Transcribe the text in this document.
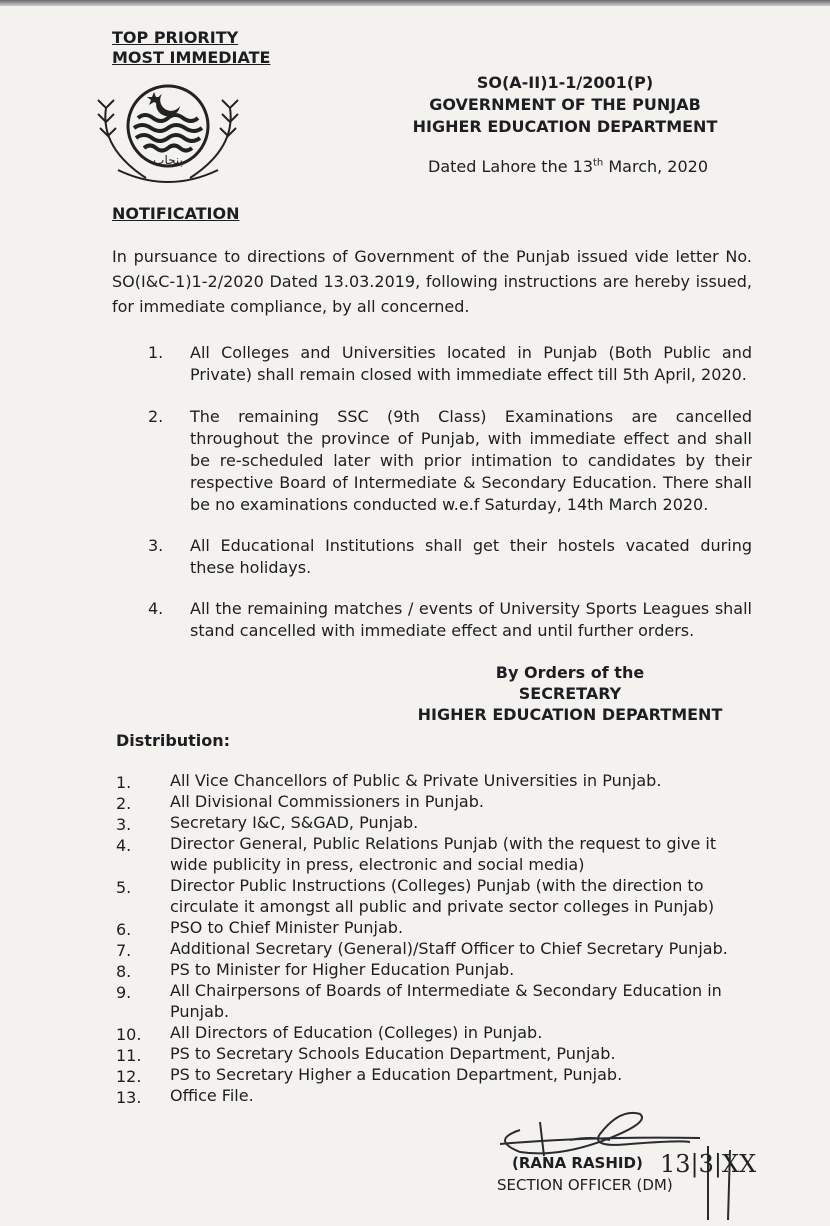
TOP PRIORITY
MOST IMMEDIATE
پنجاب
SO(A-II)1-1/2001(P)
GOVERNMENT OF THE PUNJAB
HIGHER EDUCATION DEPARTMENT
Dated Lahore the 13th March, 2020
NOTIFICATION
In pursuance to directions of Government of the Punjab issued vide letter No. SO(I&C-1)1-2/2020 Dated 13.03.2019, following instructions are hereby issued, for immediate compliance, by all concerned.
1. All Colleges and Universities located in Punjab (Both Public and Private) shall remain closed with immediate effect till 5th April, 2020.
2. The remaining SSC (9th Class) Examinations are cancelled throughout the province of Punjab, with immediate effect and shall be re-scheduled later with prior intimation to candidates by their respective Board of Intermediate & Secondary Education. There shall be no examinations conducted w.e.f Saturday, 14th March 2020.
3. All Educational Institutions shall get their hostels vacated during these holidays.
4. All the remaining matches / events of University Sports Leagues shall stand cancelled with immediate effect and until further orders.
By Orders of the
SECRETARY
HIGHER EDUCATION DEPARTMENT
Distribution:
1. All Vice Chancellors of Public & Private Universities in Punjab.
2. All Divisional Commissioners in Punjab.
3. Secretary I&C, S&GAD, Punjab.
4. Director General, Public Relations Punjab (with the request to give it wide publicity in press, electronic and social media)
5. Director Public Instructions (Colleges) Punjab (with the direction to circulate it amongst all public and private sector colleges in Punjab)
6. PSO to Chief Minister Punjab.
7. Additional Secretary (General)/Staff Officer to Chief Secretary Punjab.
8. PS to Minister for Higher Education Punjab.
9. All Chairpersons of Boards of Intermediate & Secondary Education in Punjab.
10. All Directors of Education (Colleges) in Punjab.
11. PS to Secretary Schools Education Department, Punjab.
12. PS to Secretary Higher a Education Department, Punjab.
13. Office File.
(RANA RASHID)
SECTION OFFICER (DM)
13|3|XX
